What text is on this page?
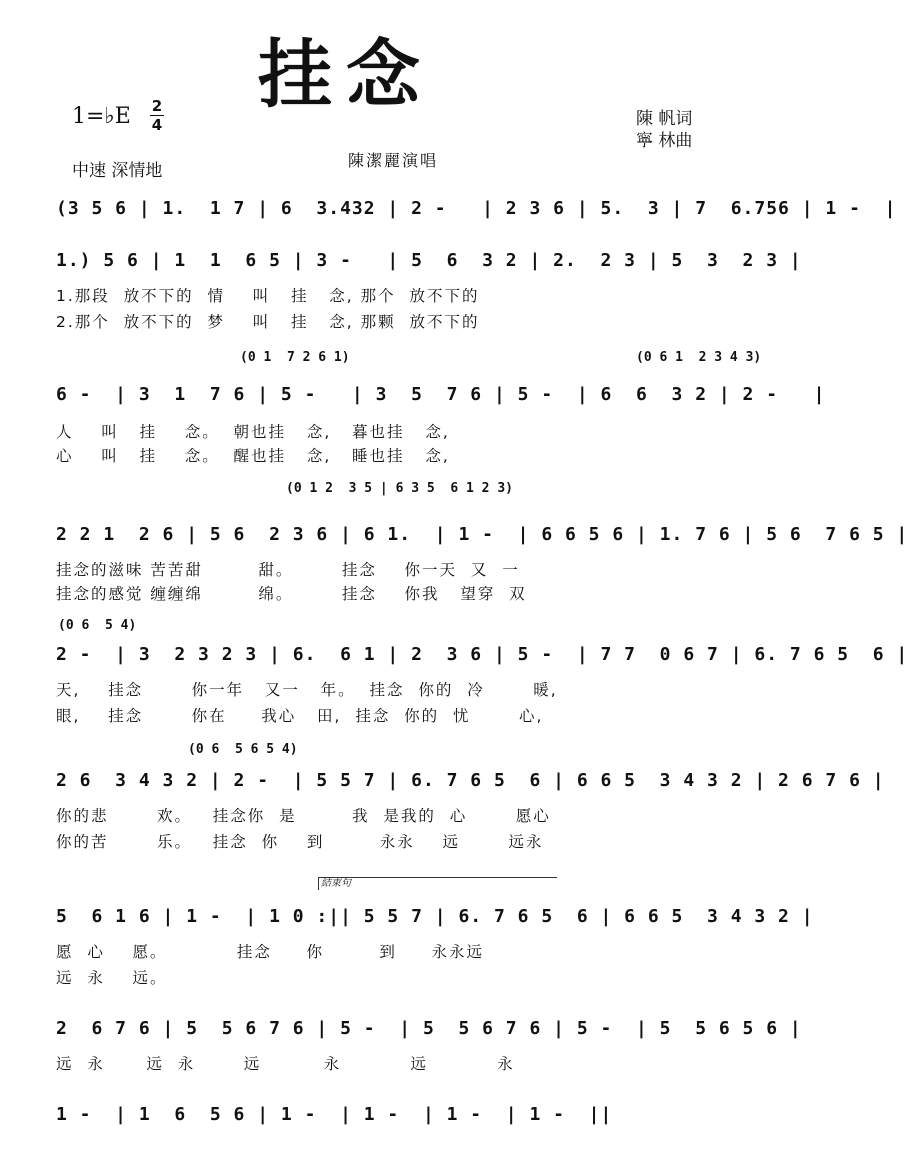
挂念
1=♭E 2
4
中速 深情地
陳潔麗演唱
陳 帆词
寧 林曲
(3 5 6 | 1.  1 7 | 6  3.432 | 2 -   | 2 3 6 | 5.  3 | 7  6.756 | 1 -  |
1.) 5 6 | 1  1  6 5 | 3 -   | 5  6  3 2 | 2.  2 3 | 5  3  2 3 |
1.那段  放不下的  情    叫   挂   念, 那个  放不下的
2.那个  放不下的  梦    叫   挂   念, 那颗  放不下的
(0 1  7 2 6 1)	(0 6 1  2 3 4 3)
6 -  | 3  1  7 6 | 5 -   | 3  5  7 6 | 5 -  | 6  6  3 2 | 2 -   |
人    叫   挂    念。  朝也挂   念,   暮也挂   念,
心    叫   挂    念。  醒也挂   念,   睡也挂   念,
(0 1 2  3 5 | 6 3 5  6 1 2 3)
2 2 1  2 6 | 5 6  2 3 6 | 6 1.  | 1 -  | 6 6 5 6 | 1. 7 6 | 5 6  7 6 5 |
挂念的滋味 苦苦甜        甜。       挂念    你一天  又  一
挂念的感觉 缠缠绵        绵。       挂念    你我   望穿  双
(0 6  5 4)
2 -  | 3  2 3 2 3 | 6.  6 1 | 2  3 6 | 5 -  | 7 7  0 6 7 | 6. 7 6 5  6 |
天,    挂念       你一年   又一   年。  挂念  你的  冷       暖,
眼,    挂念       你在     我心   田,  挂念  你的  忧       心,
(0 6  5 6 5 4)
2 6  3 4 3 2 | 2 -  | 5 5 7 | 6. 7 6 5  6 | 6 6 5  3 4 3 2 | 2 6 7 6 |
你的悲       欢。   挂念你  是        我  是我的  心       愿心
你的苦       乐。   挂念  你    到        永永    远       远永
結束句
5  6 1 6 | 1 -  | 1 0 :|| 5 5 7 | 6. 7 6 5  6 | 6 6 5  3 4 3 2 |
愿  心    愿。          挂念     你        到     永永远
远  永    远。
2  6 7 6 | 5  5 6 7 6 | 5 -  | 5  5 6 7 6 | 5 -  | 5  5 6 5 6 |
远  永      远  永       远         永          远          永
1 -  | 1  6  5 6 | 1 -  | 1 -  | 1 -  | 1 -  ||
